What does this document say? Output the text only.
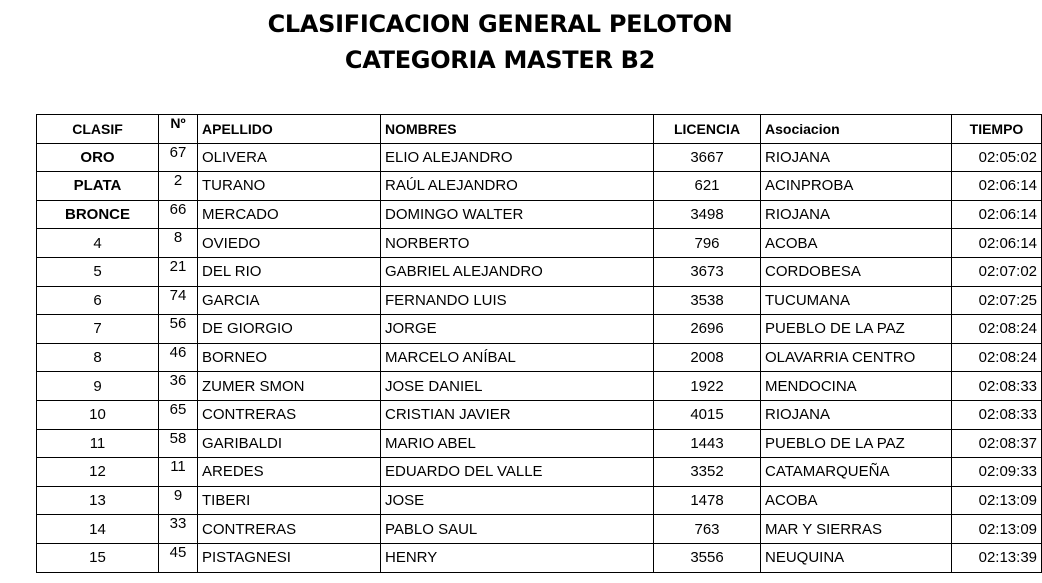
CLASIFICACION GENERAL PELOTON
CATEGORIA MASTER B2
CLASIF	Nº	APELLIDO	NOMBRES	LICENCIA	Asociacion	TIEMPO
ORO	67	OLIVERA	ELIO ALEJANDRO	3667	RIOJANA	02:05:02
PLATA	2	TURANO	RAÚL ALEJANDRO	621	ACINPROBA	02:06:14
BRONCE	66	MERCADO	DOMINGO WALTER	3498	RIOJANA	02:06:14
4	8	OVIEDO	NORBERTO	796	ACOBA	02:06:14
5	21	DEL RIO	GABRIEL ALEJANDRO	3673	CORDOBESA	02:07:02
6	74	GARCIA	FERNANDO LUIS	3538	TUCUMANA	02:07:25
7	56	DE GIORGIO	JORGE	2696	PUEBLO DE LA PAZ	02:08:24
8	46	BORNEO	MARCELO ANÍBAL	2008	OLAVARRIA CENTRO	02:08:24
9	36	ZUMER SMON	JOSE DANIEL	1922	MENDOCINA	02:08:33
10	65	CONTRERAS	CRISTIAN JAVIER	4015	RIOJANA	02:08:33
11	58	GARIBALDI	MARIO ABEL	1443	PUEBLO DE LA PAZ	02:08:37
12	11	AREDES	EDUARDO DEL VALLE	3352	CATAMARQUEÑA	02:09:33
13	9	TIBERI	JOSE	1478	ACOBA	02:13:09
14	33	CONTRERAS	PABLO SAUL	763	MAR Y SIERRAS	02:13:09
15	45	PISTAGNESI	HENRY	3556	NEUQUINA	02:13:39
